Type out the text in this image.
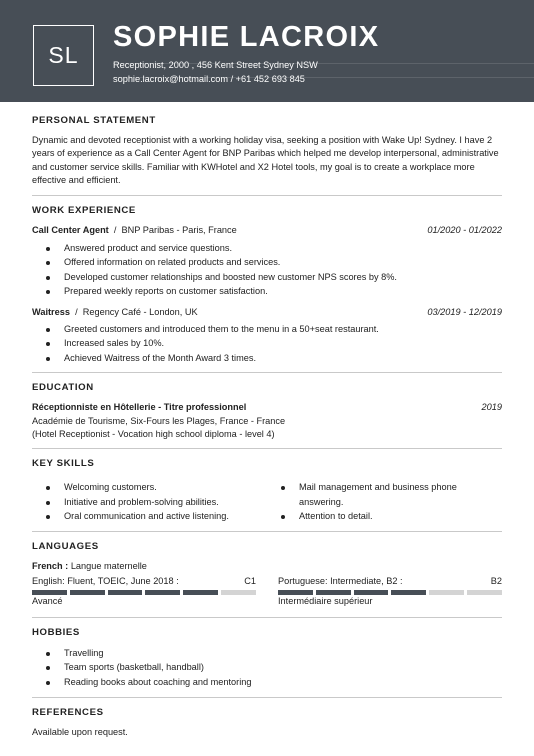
SL
SOPHIE LACROIX
Receptionist, 2000 , 456 Kent Street Sydney NSW
sophie.lacroix@hotmail.com / +61 452 693 845
PERSONAL STATEMENT
Dynamic and devoted receptionist with a working holiday visa, seeking a position with Wake Up! Sydney. I have 2 years of experience as a Call Center Agent for BNP Paribas which helped me develop interpersonal, administrative and customer service skills. Familiar with KWHotel and X2 Hotel tools, my goal is to create a workplace more effective and efficient.
WORK EXPERIENCE
Call Center Agent  /  BNP Paribas - Paris, France	01/2020 - 01/2022
Answered product and service questions.
Offered information on related products and services.
Developed customer relationships and boosted new customer NPS scores by 8%.
Prepared weekly reports on customer satisfaction.
Waitress  /  Regency Café - London, UK	03/2019 - 12/2019
Greeted customers and introduced them to the menu in a 50+seat restaurant.
Increased sales by 10%.
Achieved Waitress of the Month Award 3 times.
EDUCATION
Réceptionniste en Hôtellerie - Titre professionnel	2019
Académie de Tourisme, Six-Fours les Plages, France - France
(Hotel Receptionist - Vocation high school diploma - level 4)
KEY SKILLS
Welcoming customers.
Initiative and problem-solving abilities.
Oral communication and active listening.
Mail management and business phone answering.
Attention to detail.
LANGUAGES
French : Langue maternelle
English: Fluent, TOEIC, June 2018 :	C1
Avancé
Portuguese: Intermediate, B2 :	B2
Intermédiaire supérieur
HOBBIES
Travelling
Team sports (basketball, handball)
Reading books about coaching and mentoring
REFERENCES
Available upon request.
